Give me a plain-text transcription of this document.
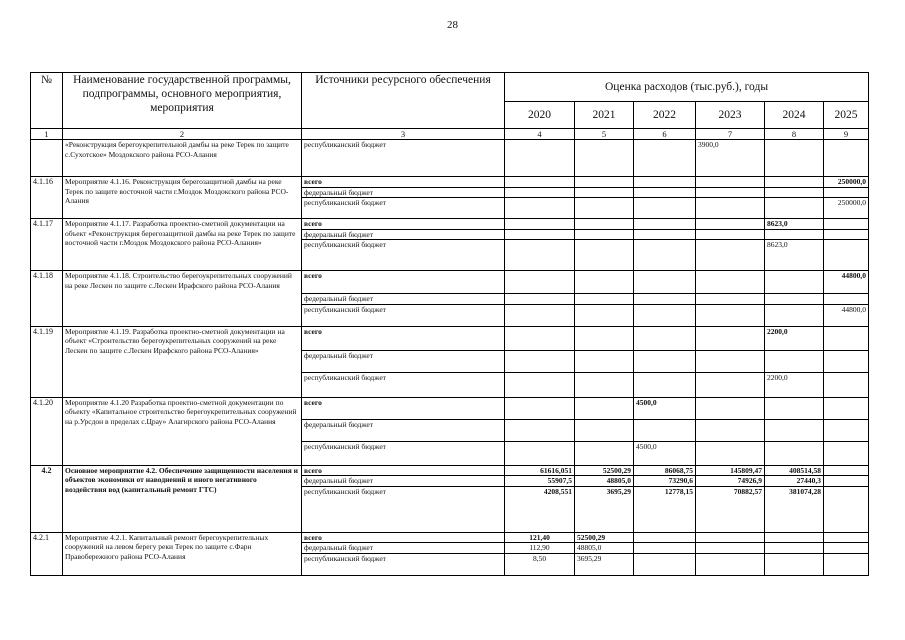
28
№	Наименование государственной программы, подпрограммы, основного мероприятия, мероприятия	Источники ресурсного обеспечения	Оценка расходов (тыс.руб.), годы					
			2020	2021	2022	2023	2024	2025
1	2	3	4	5	6	7	8	9
	«Реконструкция берегоукрепительной дамбы на реке Терек по защите с.Сухотское» Моздокского района РСО-Алания	республиканский бюджет				3900,0		
4.1.16	Мероприятие 4.1.16. Реконструкция берегозащитной дамбы на реке Терек по защите восточной части г.Моздок Моздокского района РСО-Алания	всего						250000,0
		федеральный бюджет						
		республиканский бюджет						250000,0
4.1.17	Мероприятие 4.1.17. Разработка проектно-сметной документации на объект «Реконструкция берегозащитной дамбы на реке Терек по защите восточной части г.Моздок Моздокского района РСО-Алания»	всего					8623,0	
		федеральный бюджет						
		республиканский бюджет					8623,0	
4.1.18	Мероприятие 4.1.18. Строительство берегоукрепительных сооружений на реке Лескен по защите с.Лескен Ирафского района РСО-Алания	всего						44800,0
		федеральный бюджет						
		республиканский бюджет						44800,0
4.1.19	Мероприятие 4.1.19. Разработка проектно-сметной документации на объект «Строительство берегоукрепительных сооружений на реке Лескен по защите с.Лескен Ирафского района РСО-Алания»	всего					2200,0	
		федеральный бюджет						
		республиканский бюджет					2200,0	
4.1.20	Мероприятие 4.1.20 Разработка проектно-сметной документации по объекту «Капитальное строительство берегоукрепительных сооружений на р.Урсдон в пределах с.Црау» Алагирского района РСО-Алания	всего			4500,0			
		федеральный бюджет						
		республиканский бюджет			4500,0			
4.2	Основное мероприятие 4.2. Обеспечение защищенности населения и объектов экономики от наводнений и иного негативного воздействия вод (капитальный ремонт ГТС)	всего	61616,051	52500,29	86068,75	145809,47	408514,58	
		федеральный бюджет	55907,5	48805,0	73290,6	74926,9	27440,3	
		республиканский бюджет	4208,551	3695,29	12778,15	70882,57	381074,28	
4.2.1	Мероприятие 4.2.1. Капитальный ремонт берегоукрепительных сооружений на левом берегу реки Терек по защите с.Фарн Правобережного района РСО-Алания	всего	121,40	52500,29				
		федеральный бюджет	112,90	48805,0				
		республиканский бюджет	8,50	3695,29				
